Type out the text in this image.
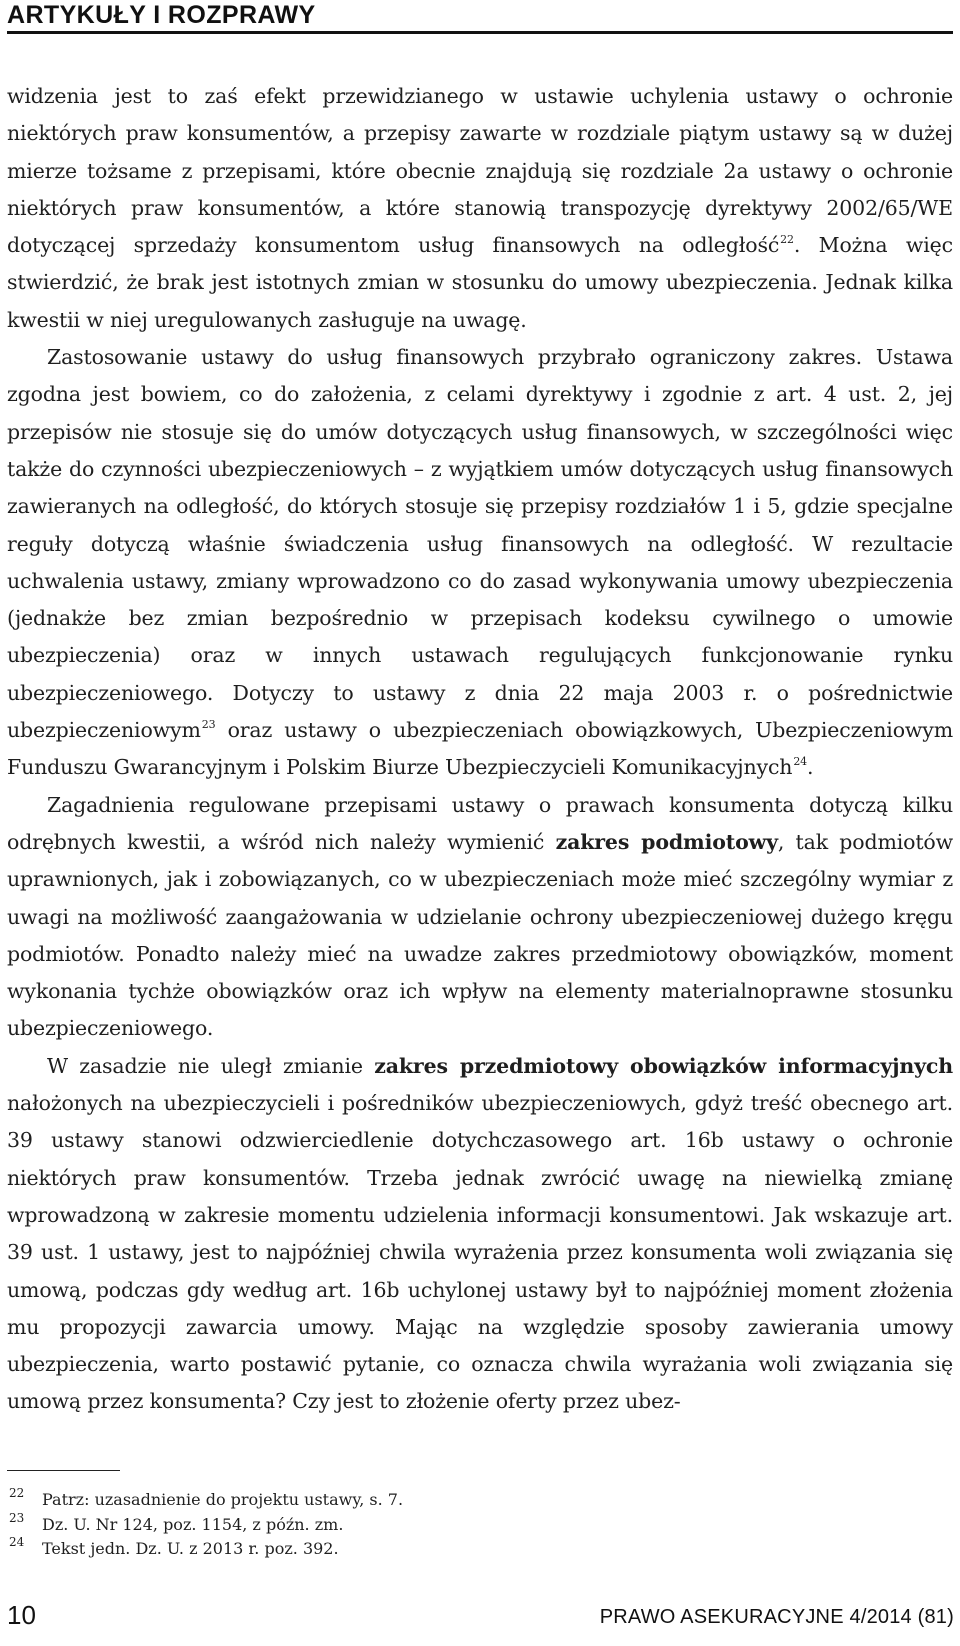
ARTYKUŁY I ROZPRAWY

widzenia jest to zaś efekt przewidzianego w ustawie uchylenia ustawy o ochronie niektórych praw konsumentów, a przepisy zawarte w rozdziale piątym ustawy są w dużej mierze tożsame z przepisami, które obecnie znajdują się rozdziale 2a ustawy o ochronie niektórych praw konsumentów, a które stanowią transpozycję dyrektywy 2002/65/WE dotyczącej sprzedaży konsumentom usług finansowych na odległość$^{22}$. Można więc stwierdzić, że brak jest istotnych zmian w stosunku do umowy ubezpieczenia. Jednak kilka kwestii w niej uregulowanych zasługuje na uwagę.

Zastosowanie ustawy do usług finansowych przybrało ograniczony zakres. Ustawa zgodna jest bowiem, co do założenia, z celami dyrektywy i zgodnie z art. 4 ust. 2, jej przepisów nie stosuje się do umów dotyczących usług finansowych, w szczególności więc także do czynności ubezpieczeniowych – z wyjątkiem umów dotyczących usług finansowych zawieranych na odległość, do których stosuje się przepisy rozdziałów 1 i 5, gdzie specjalne reguły dotyczą właśnie świadczenia usług finansowych na odległość. W rezultacie uchwalenia ustawy, zmiany wprowadzono co do zasad wykonywania umowy ubezpieczenia (jednakże bez zmian bezpośrednio w przepisach kodeksu cywilnego o umowie ubezpieczenia) oraz w innych ustawach regulujących funkcjonowanie rynku ubezpieczeniowego. Dotyczy to ustawy z dnia 22 maja 2003 r. o pośrednictwie ubezpieczeniowym$^{23}$ oraz ustawy o ubezpieczeniach obowiązkowych, Ubezpieczeniowym Funduszu Gwarancyjnym i Polskim Biurze Ubezpieczycieli Komunikacyjnych$^{24}$.

Zagadnienia regulowane przepisami ustawy o prawach konsumenta dotyczą kilku odrębnych kwestii, a wśród nich należy wymienić zakres podmiotowy, tak podmiotów uprawnionych, jak i zobowiązanych, co w ubezpieczeniach może mieć szczególny wymiar z uwagi na możliwość zaangażowania w udzielanie ochrony ubezpieczeniowej dużego kręgu podmiotów. Ponadto należy mieć na uwadze zakres przedmiotowy obowiązków, moment wykonania tychże obowiązków oraz ich wpływ na elementy materialnoprawne stosunku ubezpieczeniowego.

W zasadzie nie uległ zmianie zakres przedmiotowy obowiązków informacyjnych nałożonych na ubezpieczycieli i pośredników ubezpieczeniowych, gdyż treść obecnego art. 39 ustawy stanowi odzwierciedlenie dotychczasowego art. 16b ustawy o ochronie niektórych praw konsumentów. Trzeba jednak zwrócić uwagę na niewielką zmianę wprowadzoną w zakresie momentu udzielenia informacji konsumentowi. Jak wskazuje art. 39 ust. 1 ustawy, jest to najpóźniej chwila wyrażenia przez konsumenta woli związania się umową, podczas gdy według art. 16b uchylonej ustawy był to najpóźniej moment złożenia mu propozycji zawarcia umowy. Mając na względzie sposoby zawierania umowy ubezpieczenia, warto postawić pytanie, co oznacza chwila wyrażania woli związania się umową przez konsumenta? Czy jest to złożenie oferty przez ubez-

22	Patrz: uzasadnienie do projektu ustawy, s. 7.
23	Dz. U. Nr 124, poz. 1154, z późn. zm.
24	Tekst jedn. Dz. U. z 2013 r. poz. 392.
10	PRAWO ASEKURACYJNE 4/2014 (81)
